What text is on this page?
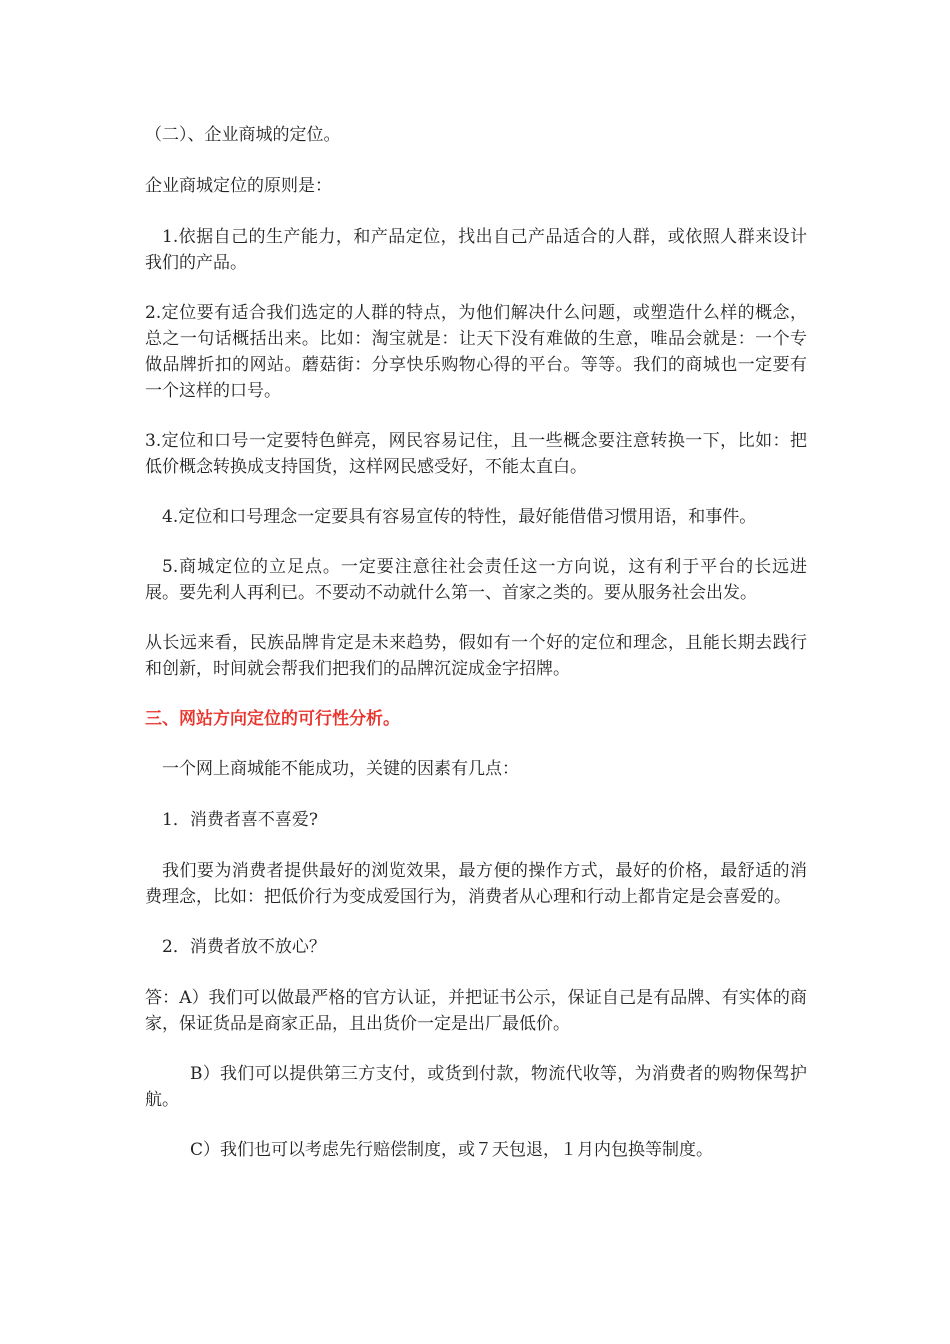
（二）、企业商城的定位。

企业商城定位的原则是：

1.依据自己的生产能力，和产品定位，找出自己产品适合的人群，或依照人群来设计我们的产品。

2.定位要有适合我们选定的人群的特点，为他们解决什么问题，或塑造什么样的概念，总之一句话概括出来。比如：淘宝就是：让天下没有难做的生意，唯品会就是：一个专做品牌折扣的网站。蘑菇街：分享快乐购物心得的平台。等等。我们的商城也一定要有一个这样的口号。

3.定位和口号一定要特色鲜亮，网民容易记住，且一些概念要注意转换一下，比如：把低价概念转换成支持国货，这样网民感受好，不能太直白。

4.定位和口号理念一定要具有容易宣传的特性，最好能借借习惯用语，和事件。

5.商城定位的立足点。一定要注意往社会责任这一方向说，这有利于平台的长远进展。要先利人再利已。不要动不动就什么第一、首家之类的。要从服务社会出发。

从长远来看，民族品牌肯定是未来趋势，假如有一个好的定位和理念，且能长期去践行和创新，时间就会帮我们把我们的品牌沉淀成金字招牌。

三、网站方向定位的可行性分析。

一个网上商城能不能成功，关键的因素有几点：

1．消费者喜不喜爱?

我们要为消费者提供最好的浏览效果，最方便的操作方式，最好的价格，最舒适的消费理念，比如：把低价行为变成爱国行为，消费者从心理和行动上都肯定是会喜爱的。

2．消费者放不放心？

答：A）我们可以做最严格的官方认证，并把证书公示，保证自己是有品牌、有实体的商家，保证货品是商家正品，且出货价一定是出厂最低价。

B）我们可以提供第三方支付，或货到付款，物流代收等，为消费者的购物保驾护航。

C）我们也可以考虑先行赔偿制度，或７天包退，１月内包换等制度。
